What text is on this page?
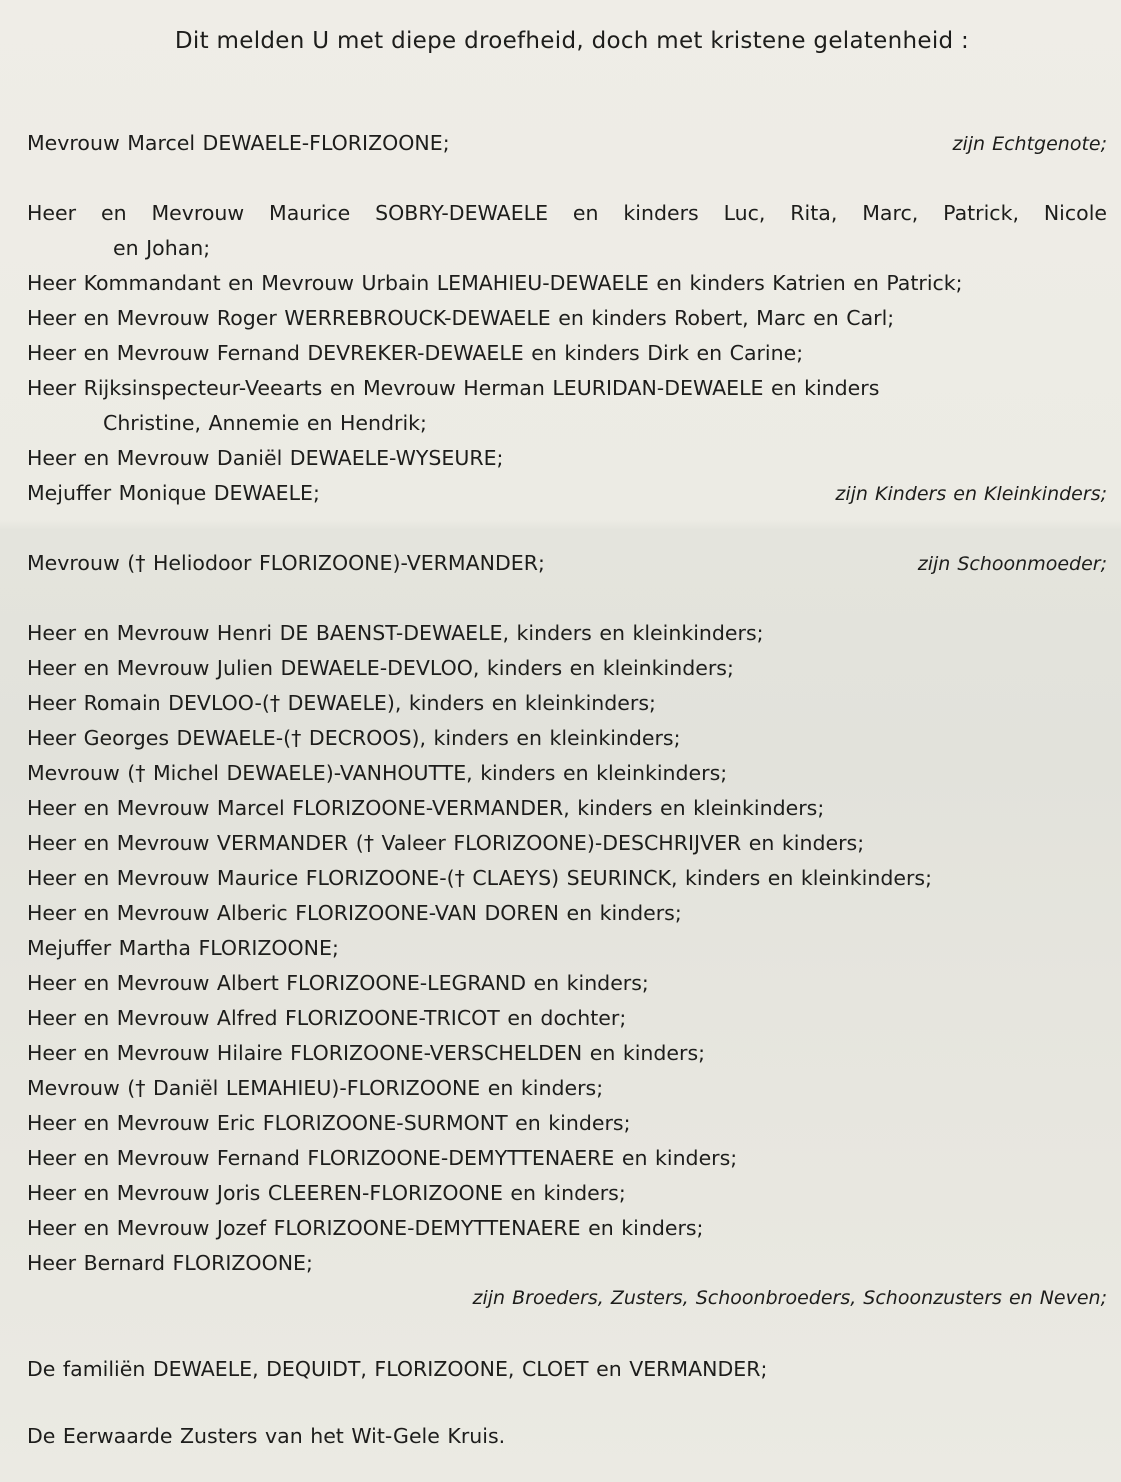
Dit melden U met diepe droefheid, doch met kristene gelatenheid :
Mevrouw Marcel DEWAELE-FLORIZOONE;	zijn Echtgenote;
Heer en Mevrouw Maurice SOBRY-DEWAELE en kinders Luc, Rita, Marc, Patrick, Nicole
en Johan;
Heer Kommandant en Mevrouw Urbain LEMAHIEU-DEWAELE en kinders Katrien en Patrick;
Heer en Mevrouw Roger WERREBROUCK-DEWAELE en kinders Robert, Marc en Carl;
Heer en Mevrouw Fernand DEVREKER-DEWAELE en kinders Dirk en Carine;
Heer Rijksinspecteur-Veearts en Mevrouw Herman LEURIDAN-DEWAELE en kinders
Christine, Annemie en Hendrik;
Heer en Mevrouw Daniël DEWAELE-WYSEURE;
Mejuffer Monique DEWAELE;	zijn Kinders en Kleinkinders;
Mevrouw († Heliodoor FLORIZOONE)-VERMANDER;	zijn Schoonmoeder;
Heer en Mevrouw Henri DE BAENST-DEWAELE, kinders en kleinkinders;
Heer en Mevrouw Julien DEWAELE-DEVLOO, kinders en kleinkinders;
Heer Romain DEVLOO-(† DEWAELE), kinders en kleinkinders;
Heer Georges DEWAELE-(† DECROOS), kinders en kleinkinders;
Mevrouw († Michel DEWAELE)-VANHOUTTE, kinders en kleinkinders;
Heer en Mevrouw Marcel FLORIZOONE-VERMANDER, kinders en kleinkinders;
Heer en Mevrouw VERMANDER († Valeer FLORIZOONE)-DESCHRIJVER en kinders;
Heer en Mevrouw Maurice FLORIZOONE-(† CLAEYS) SEURINCK, kinders en kleinkinders;
Heer en Mevrouw Alberic FLORIZOONE-VAN DOREN en kinders;
Mejuffer Martha FLORIZOONE;
Heer en Mevrouw Albert FLORIZOONE-LEGRAND en kinders;
Heer en Mevrouw Alfred FLORIZOONE-TRICOT en dochter;
Heer en Mevrouw Hilaire FLORIZOONE-VERSCHELDEN en kinders;
Mevrouw († Daniël LEMAHIEU)-FLORIZOONE en kinders;
Heer en Mevrouw Eric FLORIZOONE-SURMONT en kinders;
Heer en Mevrouw Fernand FLORIZOONE-DEMYTTENAERE en kinders;
Heer en Mevrouw Joris CLEEREN-FLORIZOONE en kinders;
Heer en Mevrouw Jozef FLORIZOONE-DEMYTTENAERE en kinders;
Heer Bernard FLORIZOONE;
zijn Broeders, Zusters, Schoonbroeders, Schoonzusters en Neven;
De familiën DEWAELE, DEQUIDT, FLORIZOONE, CLOET en VERMANDER;
De Eerwaarde Zusters van het Wit-Gele Kruis.
